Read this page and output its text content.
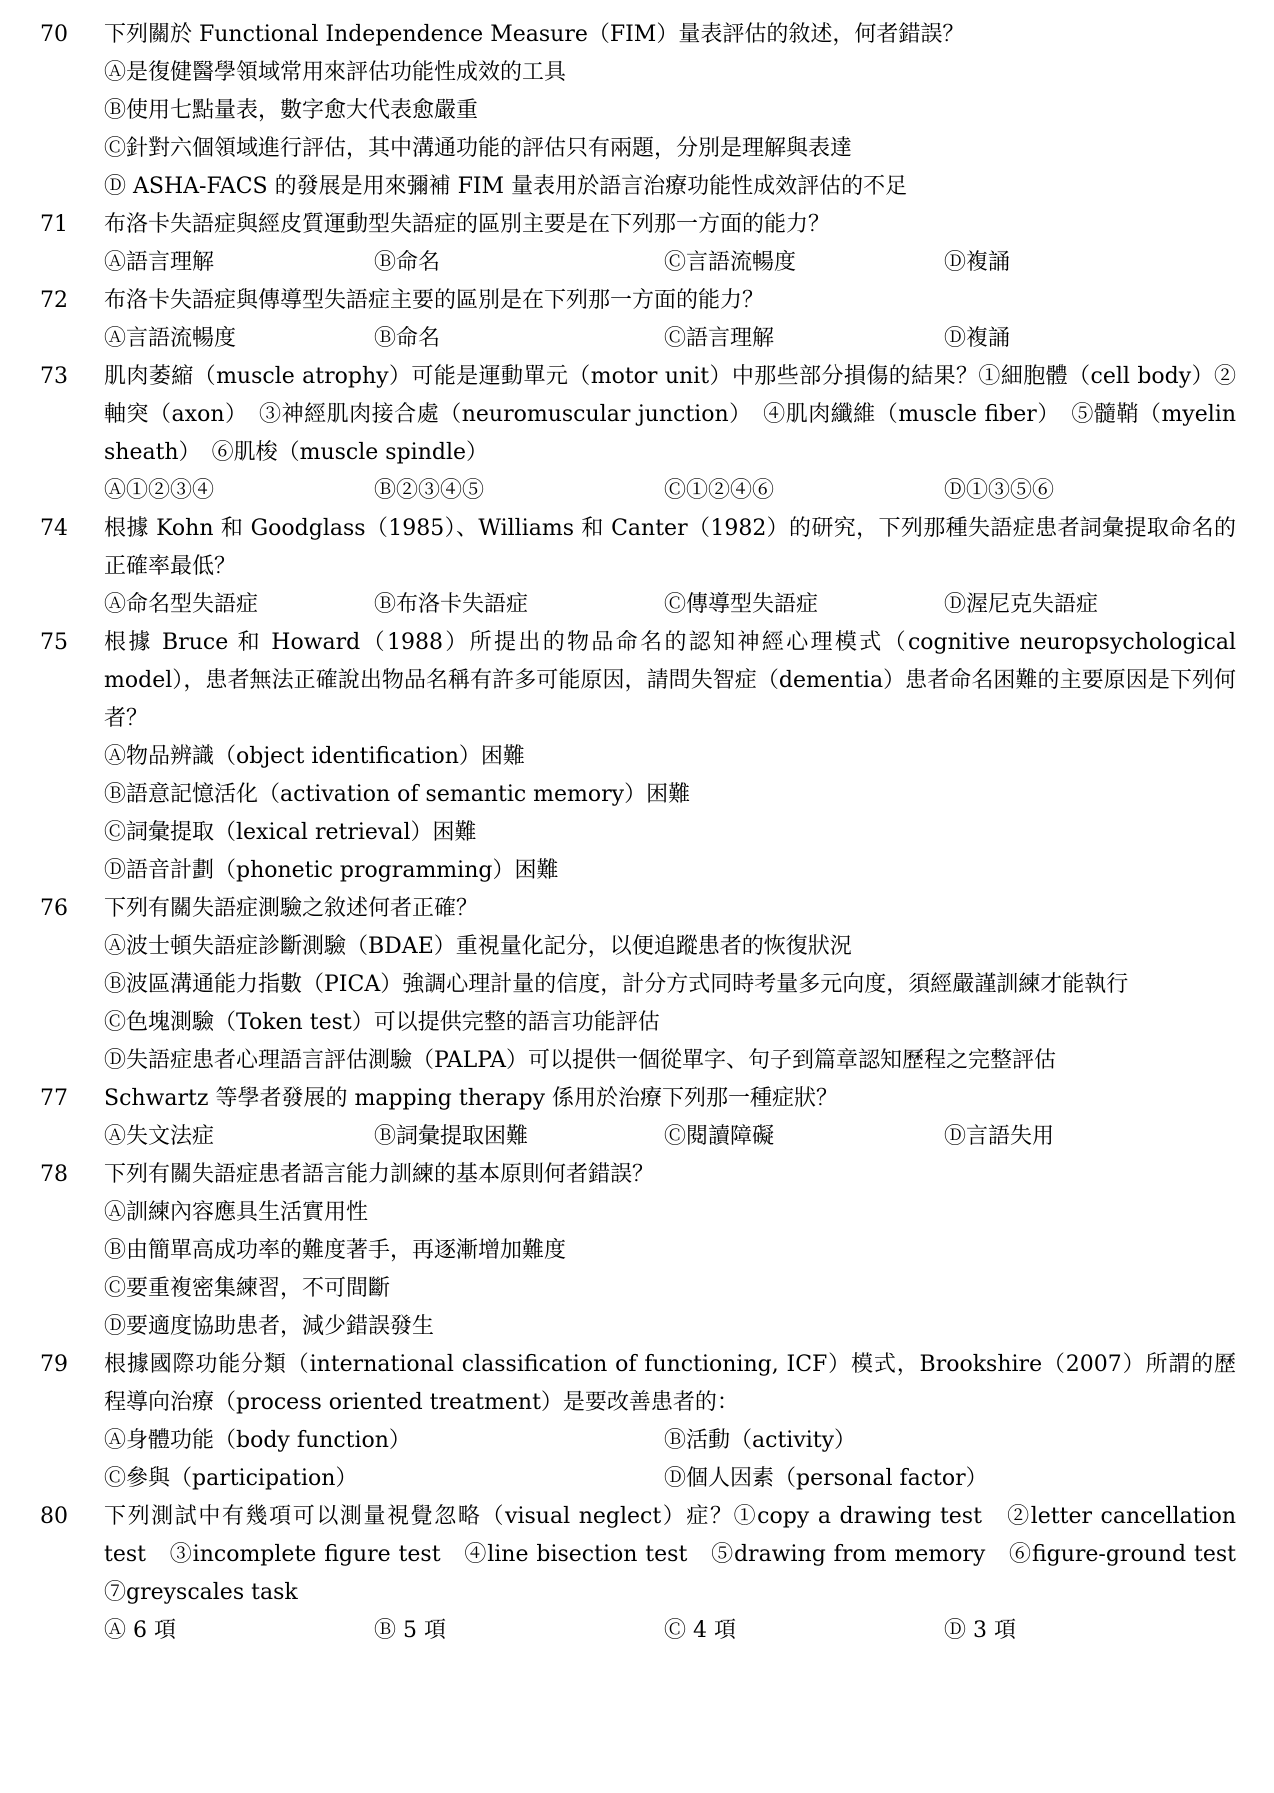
70	下列關於 Functional Independence Measure（FIM）量表評估的敘述，何者錯誤？
Ⓐ是復健醫學領域常用來評估功能性成效的工具
Ⓑ使用七點量表，數字愈大代表愈嚴重
Ⓒ針對六個領域進行評估，其中溝通功能的評估只有兩題，分別是理解與表達
Ⓓ ASHA-FACS 的發展是用來彌補 FIM 量表用於語言治療功能性成效評估的不足
71	布洛卡失語症與經皮質運動型失語症的區別主要是在下列那一方面的能力？
Ⓐ語言理解	Ⓑ命名	Ⓒ言語流暢度	Ⓓ複誦
72	布洛卡失語症與傳導型失語症主要的區別是在下列那一方面的能力？
Ⓐ言語流暢度	Ⓑ命名	Ⓒ語言理解	Ⓓ複誦
73	肌肉萎縮（muscle atrophy）可能是運動單元（motor unit）中那些部分損傷的結果？①細胞體（cell body）②軸突（axon）　③神經肌肉接合處（neuromuscular junction）　④肌肉纖維（muscle fiber）　⑤髓鞘（myelin sheath）　⑥肌梭（muscle spindle）
Ⓐ①②③④	Ⓑ②③④⑤	Ⓒ①②④⑥	Ⓓ①③⑤⑥
74	根據 Kohn 和 Goodglass（1985）、Williams 和 Canter（1982）的研究，下列那種失語症患者詞彙提取命名的正確率最低？
Ⓐ命名型失語症	Ⓑ布洛卡失語症	Ⓒ傳導型失語症	Ⓓ渥尼克失語症
75	根據 Bruce 和 Howard（1988）所提出的物品命名的認知神經心理模式（cognitive neuropsychological model），患者無法正確說出物品名稱有許多可能原因，請問失智症（dementia）患者命名困難的主要原因是下列何者？
Ⓐ物品辨識（object identification）困難
Ⓑ語意記憶活化（activation of semantic memory）困難
Ⓒ詞彙提取（lexical retrieval）困難
Ⓓ語音計劃（phonetic programming）困難
76	下列有關失語症測驗之敘述何者正確？
Ⓐ波士頓失語症診斷測驗（BDAE）重視量化記分，以便追蹤患者的恢復狀況
Ⓑ波區溝通能力指數（PICA）強調心理計量的信度，計分方式同時考量多元向度，須經嚴謹訓練才能執行
Ⓒ色塊測驗（Token test）可以提供完整的語言功能評估
Ⓓ失語症患者心理語言評估測驗（PALPA）可以提供一個從單字、句子到篇章認知歷程之完整評估
77	Schwartz 等學者發展的 mapping therapy 係用於治療下列那一種症狀？
Ⓐ失文法症	Ⓑ詞彙提取困難	Ⓒ閱讀障礙	Ⓓ言語失用
78	下列有關失語症患者語言能力訓練的基本原則何者錯誤？
Ⓐ訓練內容應具生活實用性
Ⓑ由簡單高成功率的難度著手，再逐漸增加難度
Ⓒ要重複密集練習，不可間斷
Ⓓ要適度協助患者，減少錯誤發生
79	根據國際功能分類（international classification of functioning, ICF）模式，Brookshire（2007）所謂的歷程導向治療（process oriented treatment）是要改善患者的：
Ⓐ身體功能（body function）	Ⓑ活動（activity）
Ⓒ參與（participation）	Ⓓ個人因素（personal factor）
80	下列測試中有幾項可以測量視覺忽略（visual neglect）症？①copy a drawing test　②letter cancellation test　③incomplete figure test　④line bisection test　⑤drawing from memory　⑥figure-ground test　⑦greyscales task
Ⓐ 6 項	Ⓑ 5 項	Ⓒ 4 項	Ⓓ 3 項
